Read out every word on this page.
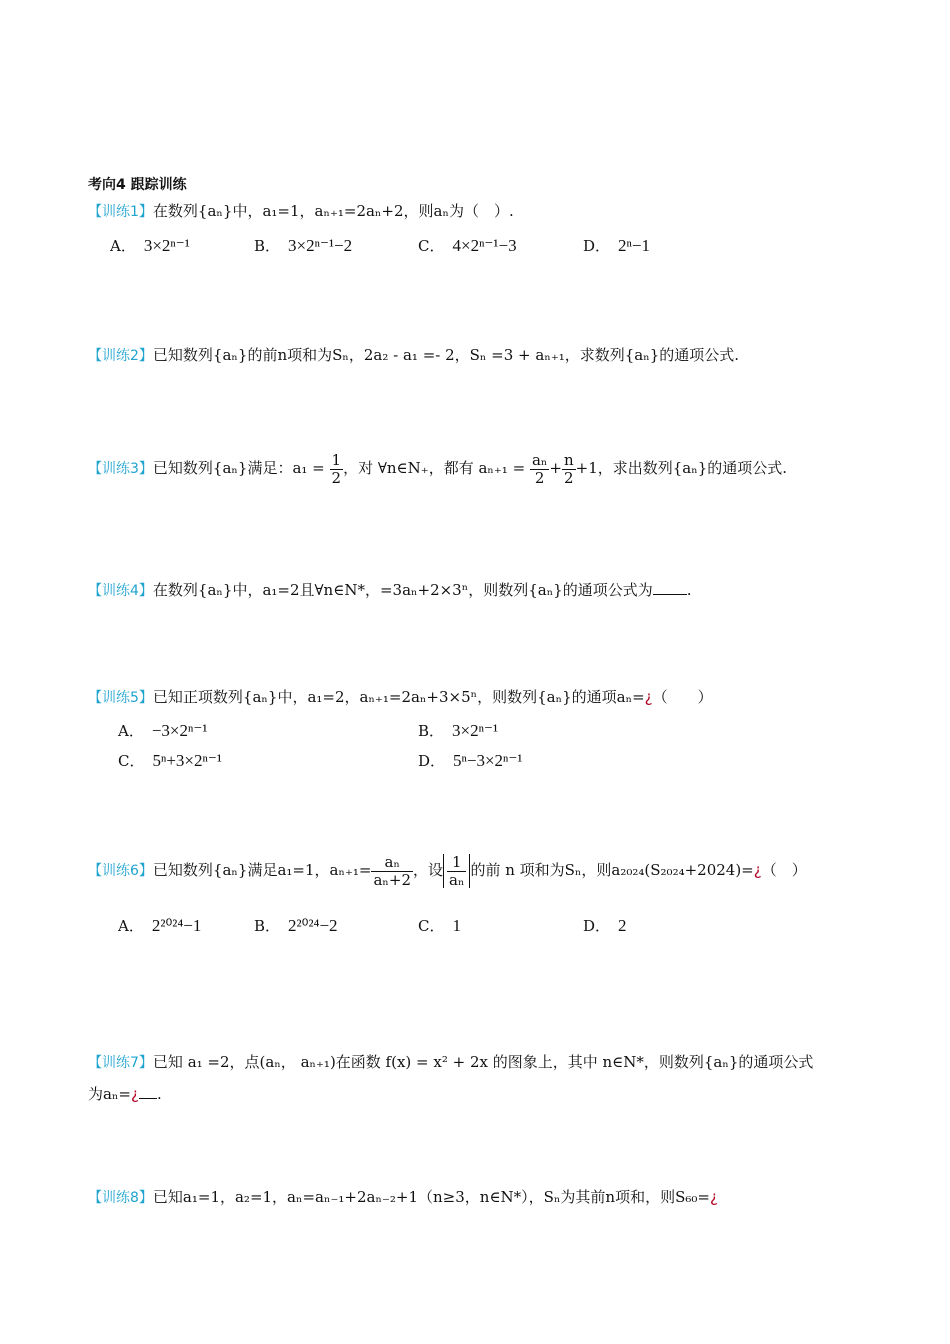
考向4 跟踪训练
【训练1】在数列{aₙ}中，a₁=1，aₙ₊₁=2aₙ+2，则aₙ为（　）.
A． 3×2ⁿ⁻¹	B． 3×2ⁿ⁻¹−2	C． 4×2ⁿ⁻¹−3	D． 2ⁿ−1
【训练2】已知数列{aₙ}的前n项和为Sₙ，2a₂ - a₁ =- 2，Sₙ =3 + aₙ₊₁，求数列{aₙ}的通项公式.
【训练3】已知数列{aₙ}满足：$a_1 = \frac{1}{2}$ ，对 ∀n∈N₊，都有 $a_{n+1} = \frac{\text{aₙ}}{2} + \frac{n}{2} +1$，求出数列{aₙ}的通项公式.
【训练4】在数列{aₙ}中，a₁=2且∀n∈N*，=3aₙ+2×3ⁿ，则数列{aₙ}的通项公式为 .
【训练5】已知正项数列{aₙ}中，a₁=2，aₙ₊₁=2aₙ+3×5ⁿ，则数列{aₙ}的通项aₙ=¿（　　）
A． −3×2ⁿ⁻¹	B． 3×2ⁿ⁻¹
C． 5ⁿ+3×2ⁿ⁻¹	D． 5ⁿ−3×2ⁿ⁻¹
【训练6】已知数列{aₙ}满足a₁=1，$a_{n+1}= \frac{\text{aₙ}}{\text{aₙ+2}}$ ，设 $\frac{1}{\text{aₙ}}$ 的前 n 项和为Sₙ，则a₂₀₂₄(S₂₀₂₄+2024)=¿（　）
A． 2²⁰²⁴−1	B． 2²⁰²⁴−2	C． 1	D． 2
【训练7】已知 a₁ =2，点(aₙ， aₙ₊₁)在函数 f(x) = x² + 2x 的图象上，其中 n∈N*，则数列{aₙ}的通项公式
为aₙ=¿ .
【训练8】已知a₁=1，a₂=1，aₙ=aₙ₋₁+2aₙ₋₂+1（n≥3，n∈N*），Sₙ为其前n项和，则S₆₀=¿
